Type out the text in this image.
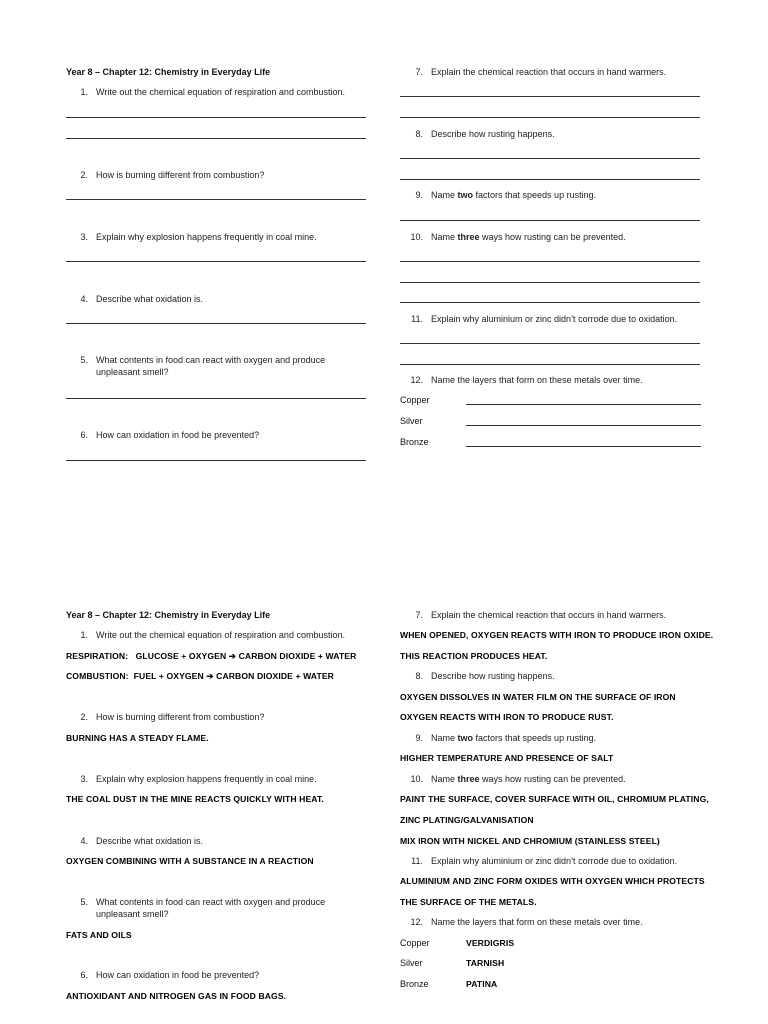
Year 8 – Chapter 12: Chemistry in Everyday Life
1. Write out the chemical equation of respiration and combustion.
2. How is burning different from combustion?
3. Explain why explosion happens frequently in coal mine.
4. Describe what oxidation is.
5. What contents in food can react with oxygen and produce unpleasant smell?
6. How can oxidation in food be prevented?
7. Explain the chemical reaction that occurs in hand warmers.
8. Describe how rusting happens.
9. Name two factors that speeds up rusting.
10. Name three ways how rusting can be prevented.
11. Explain why aluminium or zinc didn’t corrode due to oxidation.
12. Name the layers that form on these metals over time.
Copper
Silver
Bronze
Year 8 – Chapter 12: Chemistry in Everyday Life
1. Write out the chemical equation of respiration and combustion.
RESPIRATION: GLUCOSE + OXYGEN ➔ CARBON DIOXIDE + WATER
COMBUSTION: FUEL + OXYGEN ➔ CARBON DIOXIDE + WATER
2. How is burning different from combustion?
BURNING HAS A STEADY FLAME.
3. Explain why explosion happens frequently in coal mine.
THE COAL DUST IN THE MINE REACTS QUICKLY WITH HEAT.
4. Describe what oxidation is.
OXYGEN COMBINING WITH A SUBSTANCE IN A REACTION
5. What contents in food can react with oxygen and produce unpleasant smell?
FATS AND OILS
6. How can oxidation in food be prevented?
ANTIOXIDANT AND NITROGEN GAS IN FOOD BAGS.
7. Explain the chemical reaction that occurs in hand warmers.
WHEN OPENED, OXYGEN REACTS WITH IRON TO PRODUCE IRON OXIDE.
THIS REACTION PRODUCES HEAT.
8. Describe how rusting happens.
OXYGEN DISSOLVES IN WATER FILM ON THE SURFACE OF IRON
OXYGEN REACTS WITH IRON TO PRODUCE RUST.
9. Name two factors that speeds up rusting.
HIGHER TEMPERATURE AND PRESENCE OF SALT
10. Name three ways how rusting can be prevented.
PAINT THE SURFACE, COVER SURFACE WITH OIL, CHROMIUM PLATING,
ZINC PLATING/GALVANISATION
MIX IRON WITH NICKEL AND CHROMIUM (STAINLESS STEEL)
11. Explain why aluminium or zinc didn’t corrode due to oxidation.
ALUMINIUM AND ZINC FORM OXIDES WITH OXYGEN WHICH PROTECTS
THE SURFACE OF THE METALS.
12. Name the layers that form on these metals over time.
Copper	VERDIGRIS
Silver	TARNISH
Bronze	PATINA
